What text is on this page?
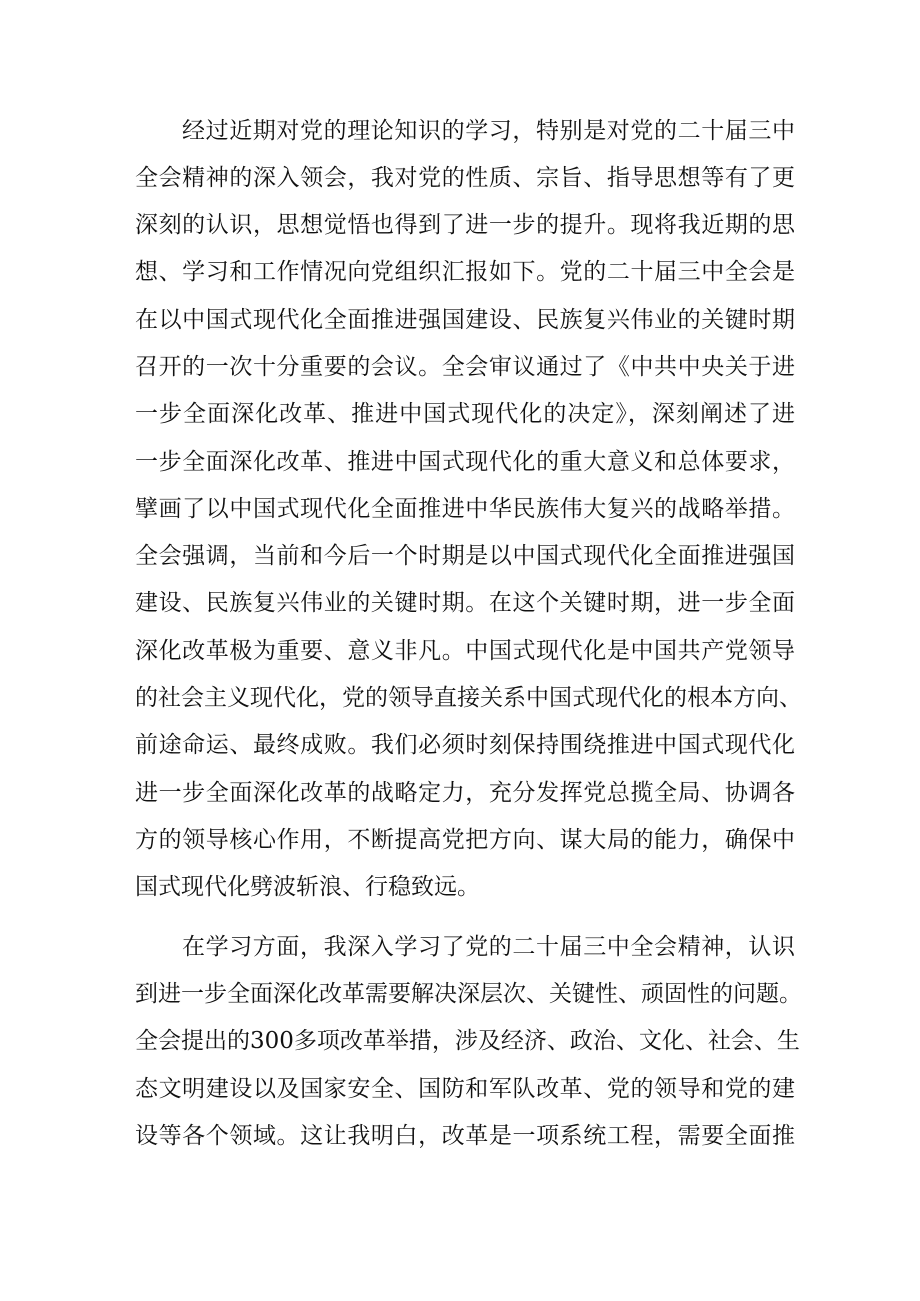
经过近期对党的理论知识的学习，特别是对党的二十届三中
全会精神的深入领会，我对党的性质、宗旨、指导思想等有了更
深刻的认识，思想觉悟也得到了进一步的提升。现将我近期的思
想、学习和工作情况向党组织汇报如下。党的二十届三中全会是
在以中国式现代化全面推进强国建设、民族复兴伟业的关键时期
召开的一次十分重要的会议。全会审议通过了《中共中央关于进
一步全面深化改革、推进中国式现代化的决定》，深刻阐述了进
一步全面深化改革、推进中国式现代化的重大意义和总体要求，
擘画了以中国式现代化全面推进中华民族伟大复兴的战略举措。
全会强调，当前和今后一个时期是以中国式现代化全面推进强国
建设、民族复兴伟业的关键时期。在这个关键时期，进一步全面
深化改革极为重要、意义非凡。中国式现代化是中国共产党领导
的社会主义现代化，党的领导直接关系中国式现代化的根本方向、
前途命运、最终成败。我们必须时刻保持围绕推进中国式现代化
进一步全面深化改革的战略定力，充分发挥党总揽全局、协调各
方的领导核心作用，不断提高党把方向、谋大局的能力，确保中
国式现代化劈波斩浪、行稳致远。
在学习方面，我深入学习了党的二十届三中全会精神，认识
到进一步全面深化改革需要解决深层次、关键性、顽固性的问题。
全会提出的300多项改革举措，涉及经济、政治、文化、社会、生
态文明建设以及国家安全、国防和军队改革、党的领导和党的建
设等各个领域。这让我明白，改革是一项系统工程，需要全面推
